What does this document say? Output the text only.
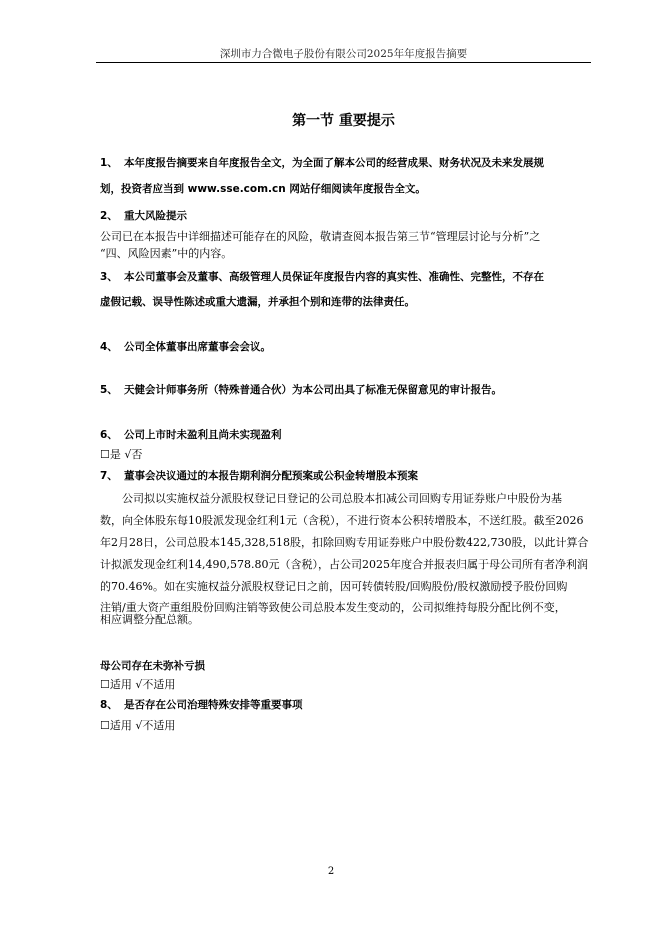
深圳市力合微电子股份有限公司2025年年度报告摘要
第一节 重要提示
1、 本年度报告摘要来自年度报告全文，为全面了解本公司的经营成果、财务状况及未来发展规
划，投资者应当到 www.sse.com.cn 网站仔细阅读年度报告全文。
2、 重大风险提示
公司已在本报告中详细描述可能存在的风险，敬请查阅本报告第三节“管理层讨论与分析”之
“四、风险因素”中的内容。
3、 本公司董事会及董事、高级管理人员保证年度报告内容的真实性、准确性、完整性，不存在
虚假记载、误导性陈述或重大遗漏，并承担个别和连带的法律责任。
4、 公司全体董事出席董事会会议。
5、 天健会计师事务所（特殊普通合伙）为本公司出具了标准无保留意见的审计报告。
6、 公司上市时未盈利且尚未实现盈利
☐是 √否
7、 董事会决议通过的本报告期利润分配预案或公积金转增股本预案
公司拟以实施权益分派股权登记日登记的公司总股本扣减公司回购专用证券账户中股份为基
数，向全体股东每10股派发现金红利1元（含税），不进行资本公积转增股本，不送红股。截至2026
年2月28日，公司总股本145,328,518股，扣除回购专用证券账户中股份数422,730股，以此计算合
计拟派发现金红利14,490,578.80元（含税），占公司2025年度合并报表归属于母公司所有者净利润
的70.46%。如在实施权益分派股权登记日之前，因可转债转股/回购股份/股权激励授予股份回购
注销/重大资产重组股份回购注销等致使公司总股本发生变动的，公司拟维持每股分配比例不变，
相应调整分配总额。
母公司存在未弥补亏损
☐适用 √不适用
8、 是否存在公司治理特殊安排等重要事项
☐适用 √不适用
2
